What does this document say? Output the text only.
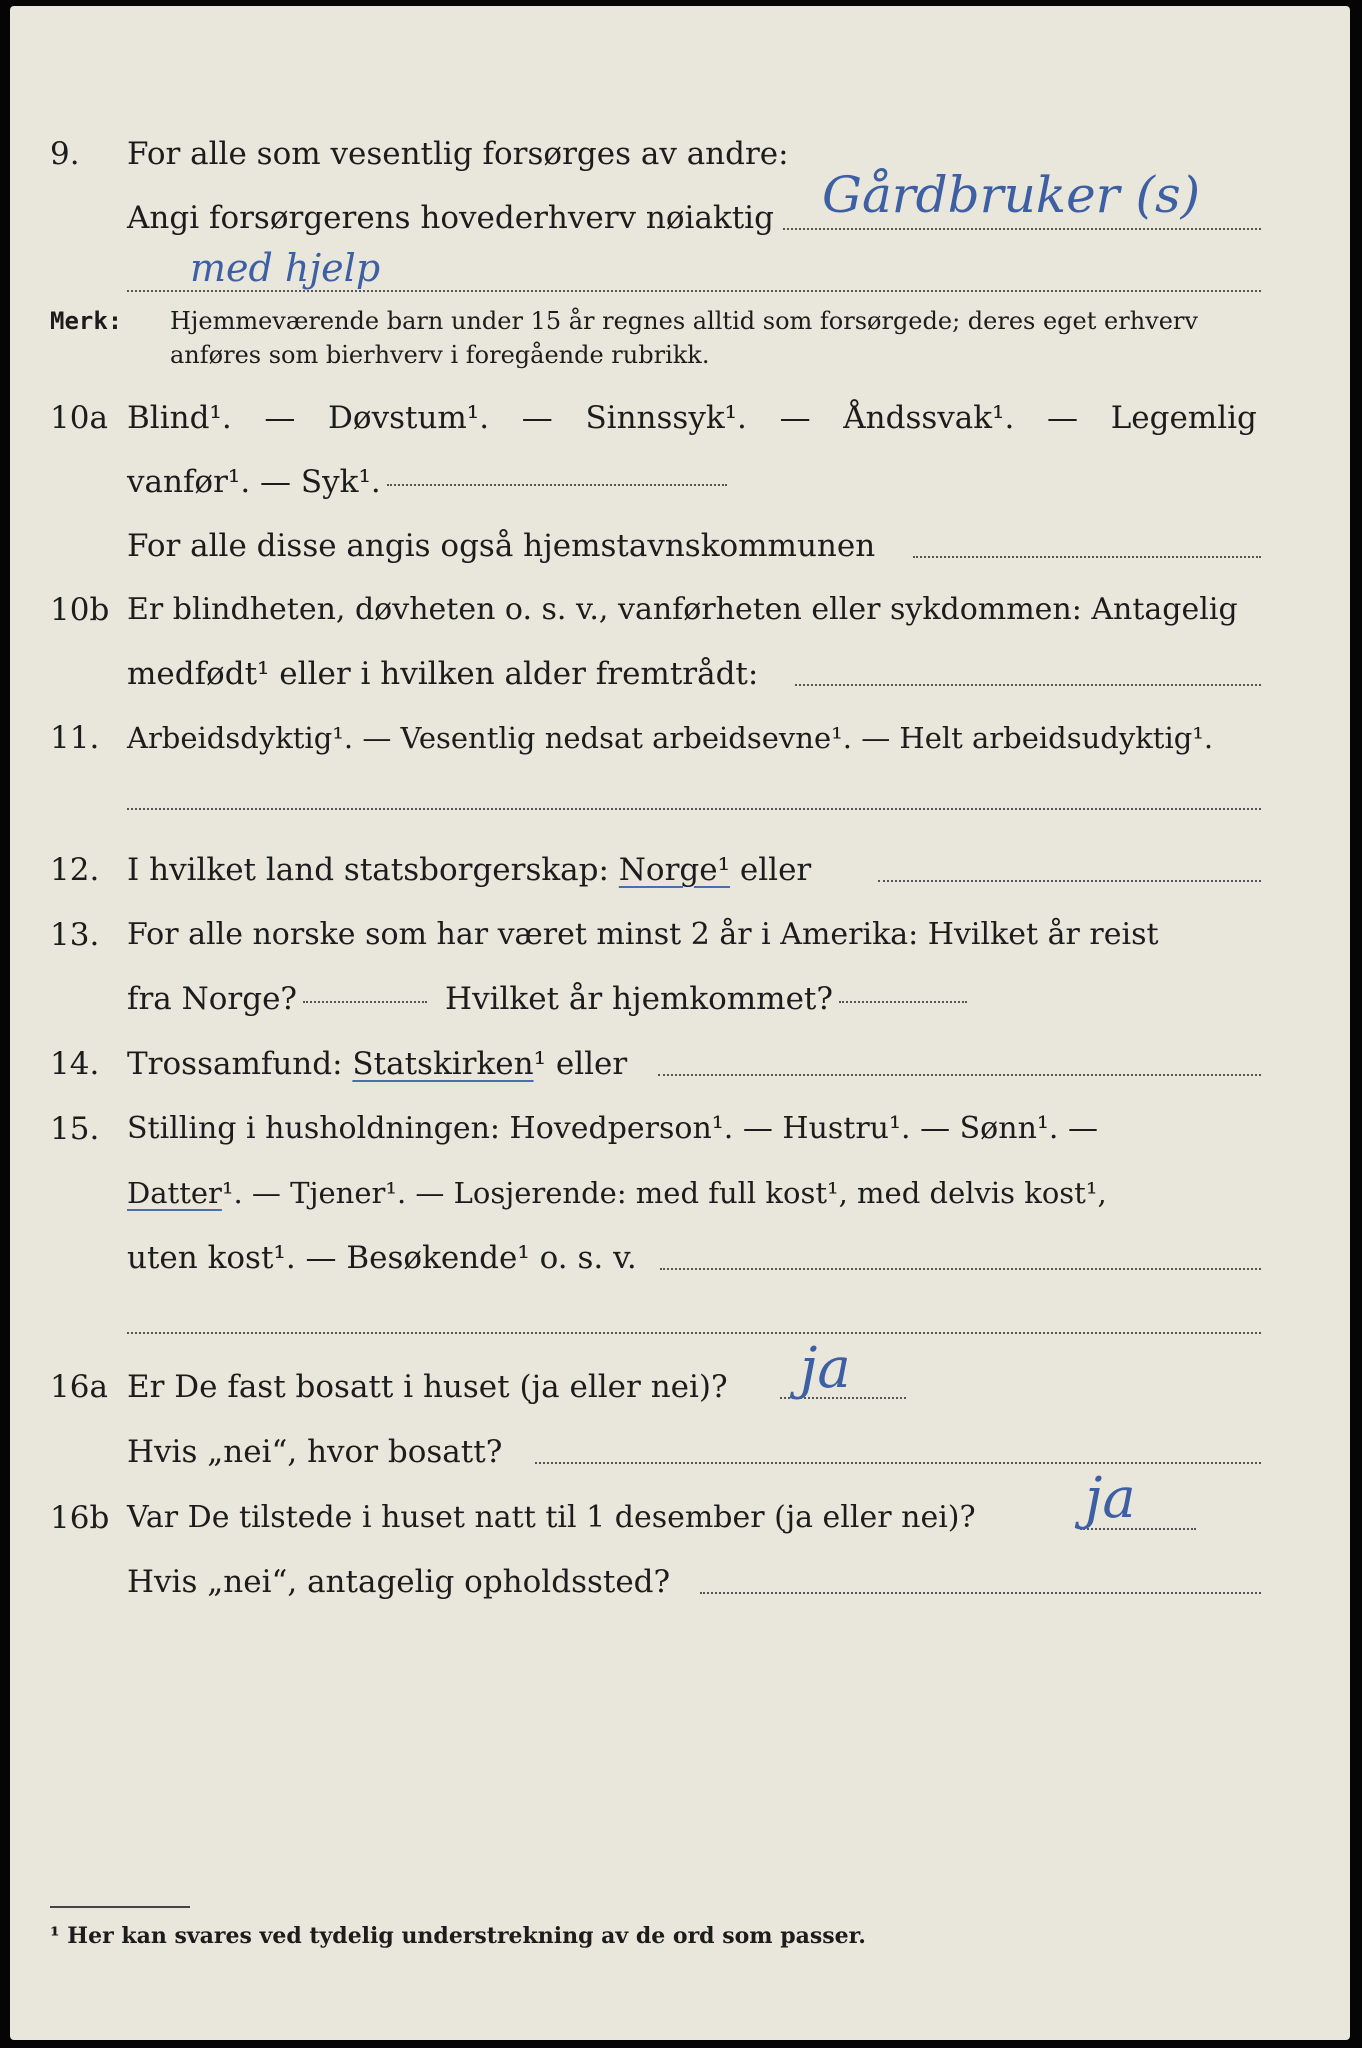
9. For alle som vesentlig forsørges av andre:
Angi forsørgerens hovederhverv nøiaktig Gårdbruker (s)
med hjelp
Merk: Hjemmeværende barn under 15 år regnes alltid som forsørgede; deres eget erhverv
anføres som bierhverv i foregående rubrikk.
10a Blind¹. — Døvstum¹. — Sinnssyk¹. — Åndssvak¹. — Legemlig
vanfør¹. — Syk¹.
For alle disse angis også hjemstavnskommunen
10b Er blindheten, døvheten o. s. v., vanførheten eller sykdommen: Antagelig
medfødt¹ eller i hvilken alder fremtrådt:
11. Arbeidsdyktig¹. — Vesentlig nedsat arbeidsevne¹. — Helt arbeidsudyktig¹.
12. I hvilket land statsborgerskap:
Norge¹
eller
13. For alle norske som har været minst 2 år i Amerika: Hvilket år reist
fra Norge?	Hvilket år hjemkommet?
14. Trossamfund:
Statskirken ¹ eller
15. Stilling i husholdningen: Hovedperson¹. — Hustru¹. — Sønn¹. —
Datter ¹. — Tjener¹. — Losjerende: med full kost¹, med delvis kost¹,
uten kost¹. — Besøkende¹ o. s. v.
16a Er De fast bosatt i huset (ja eller nei)? ja
Hvis „nei“, hvor bosatt?
16b Var De tilstede i huset natt til 1 desember (ja eller nei)? ja
Hvis „nei“, antagelig opholdssted?
¹ Her kan svares ved tydelig understrekning av de ord som passer.
